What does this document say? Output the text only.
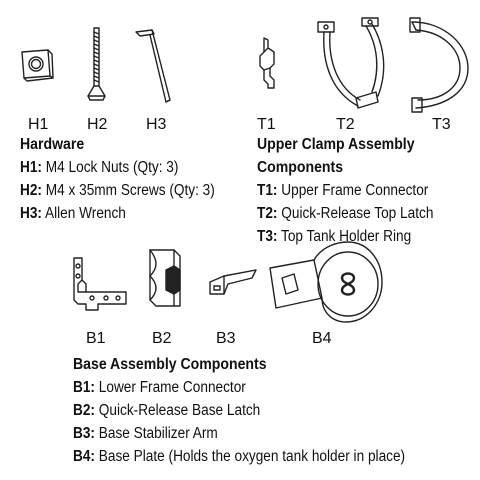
H1 H2 H3	T1	T2	T3
Hardware
H1: M4 Lock Nuts (Qty: 3)
H2: M4 x 35mm Screws (Qty: 3)
H3: Allen Wrench
Upper Clamp Assembly
Components
T1: Upper Frame Connector
T2: Quick-Release Top Latch
T3: Top Tank Holder Ring
B1	B2	B3	B4
Base Assembly Components
B1: Lower Frame Connector
B2: Quick-Release Base Latch
B3: Base Stabilizer Arm
B4: Base Plate (Holds the oxygen tank holder in place)
